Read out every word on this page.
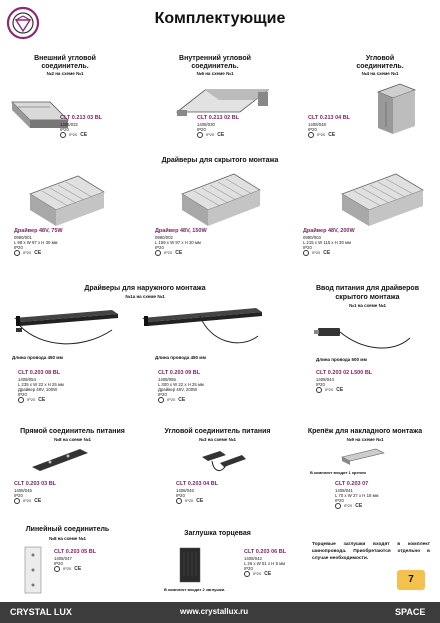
Комплектующие
Внешний угловой
соединитель.
№2 на схеме №1
CLT 0.213 03 BL
1408/032
IP20
IP20 CE
Внутренний угловой
соединитель.
№6 на схеме №1
CLT 0.213 02 BL
1408/030
IP20
IP20 CE
Угловой
соединитель.
№4 на схеме №1
CLT 0.213 04 BL
1408/048
IP20
IP20 CE
Драйверы для скрытого монтажа
Драйвер 48V, 75W
0990/001
L 98 x W 97 x H 30 мм
IP20
IP20 CE
Драйвер 48V, 150W
0990/002
L 159 x W 97 x H 30 мм
IP20
IP20 CE
Драйвер 48V, 200W
0990/003
L 215 x W 115 x H 30 мм
IP20
IP20 CE
Драйверы для наружного монтажа
№1а на схеме №1
Длина провода 450 мм
CLT 0.203 08 BL
1408/054
L 235 x W 22 x H 25 мм
Драйвер 48V, 100W
IP20
IP20 CE
Длина провода 450 мм
CLT 0.203 09 BL
1408/055
L 300 x W 22 x H 25 мм
Драйвер 48V, 200W
IP20
IP20 CE
Ввод питания для драйверов
скрытого монтажа
№1 на схеме №1
Длина провода 500 мм
CLT 0.203 02 L500 BL
1408/044
IP20
IP20 CE
Прямой соединитель питания
№8 на схеме №1
CLT 0.203 03 BL
1408/045
IP20
IP20 CE
Угловой соединитель питания
№3 на схеме №1
CLT 0.203 04 BL
1408/046
IP20
IP20 CE
Крепёж для накладного монтажа
№9 на схеме №1
В комплект входит 1 крепеж
CLT 0.203 07
1408/041
L 70 x W 27 x H 18 мм
IP20
IP20 CE
Линейный соединитель
№8 на схеме №1
CLT 0.203 05 BL
1408/047
IP20
IP20 CE
Заглушка торцевая
CLT 0.203 06 BL
1408/042
L 26 x W 51 x H 5 мм
IP20
IP20 CE
В комплект входит 2 заглушки.
Торцевые заглушки входят в комплект шинопровода. Приобретаются отдельно в случае необходимости.
7
CRYSTAL LUX	www.crystallux.ru	SPACE
